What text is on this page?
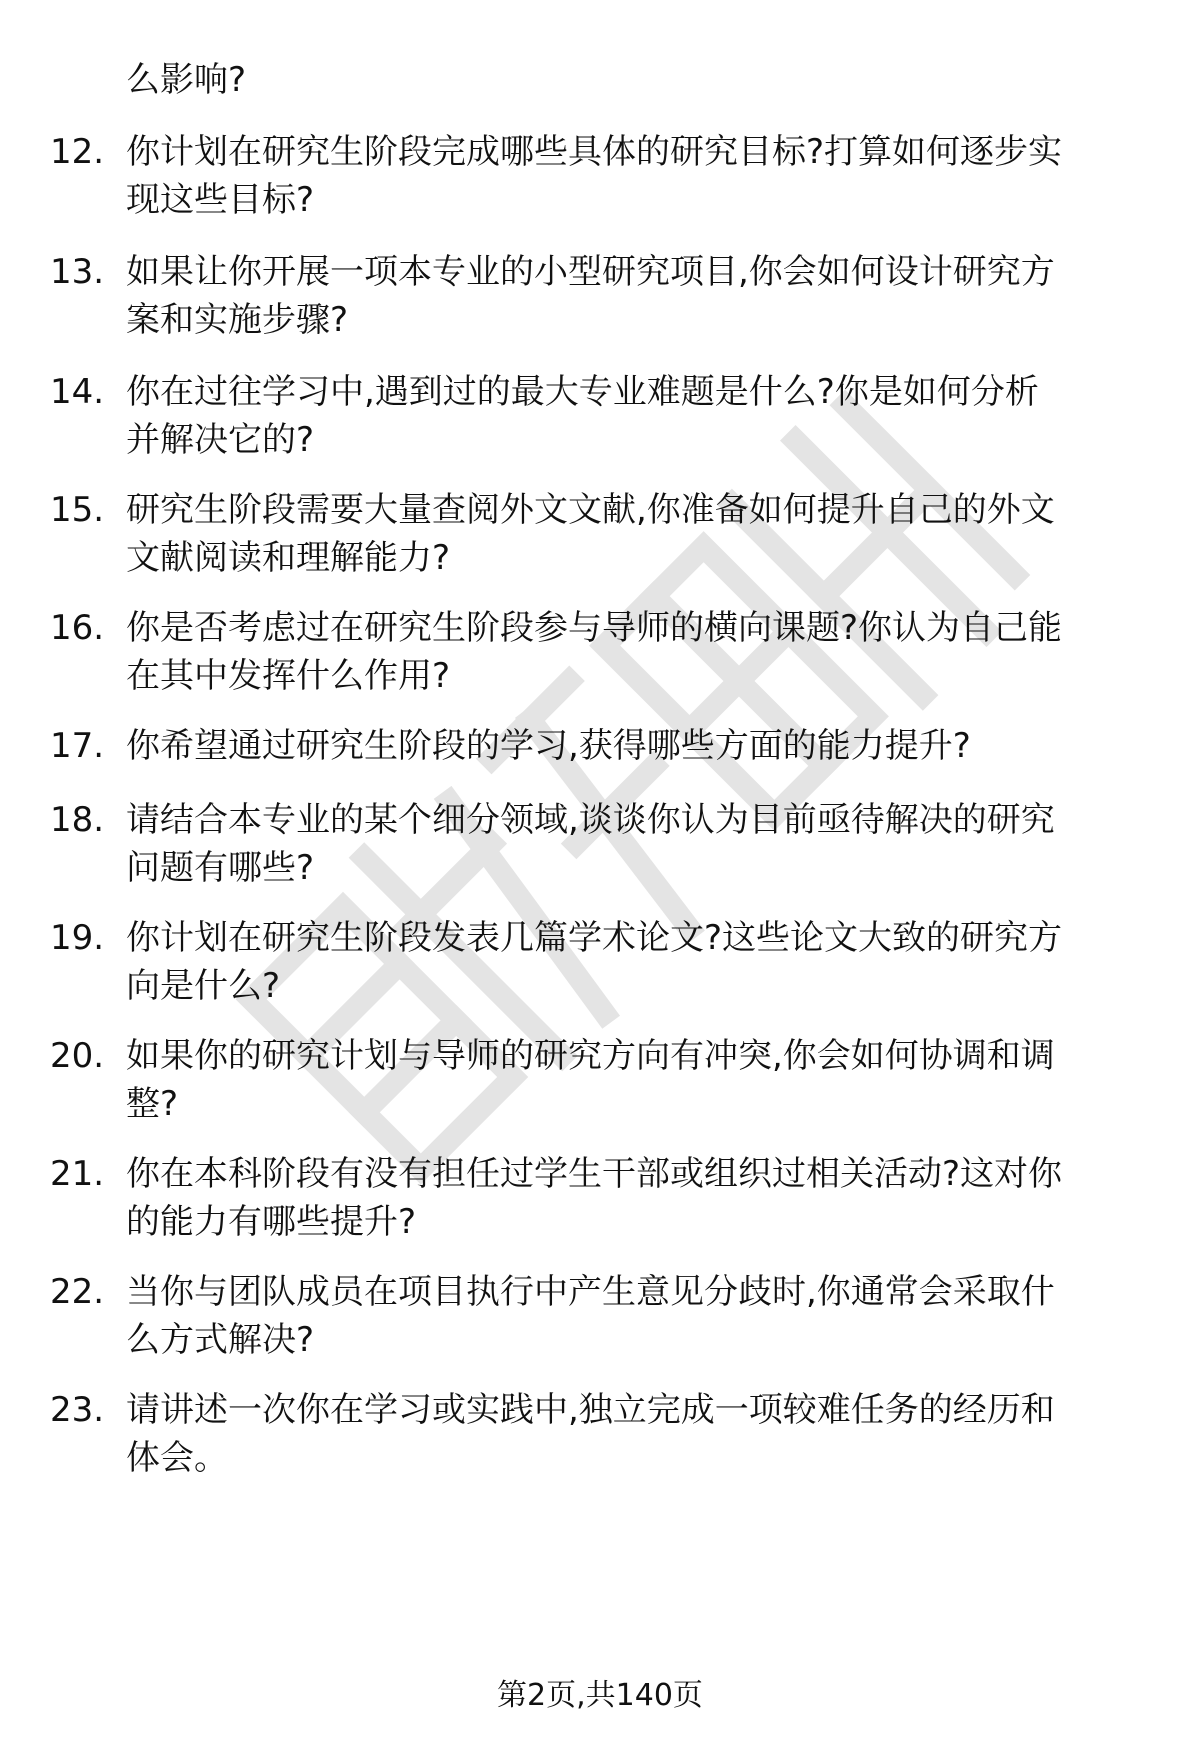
么影响?
12. 你计划在研究生阶段完成哪些具体的研究目标?打算如何逐步实
现这些目标?
13. 如果让你开展一项本专业的小型研究项目,你会如何设计研究方
案和实施步骤?
14. 你在过往学习中,遇到过的最大专业难题是什么?你是如何分析
并解决它的?
15. 研究生阶段需要大量查阅外文文献,你准备如何提升自己的外文
文献阅读和理解能力?
16. 你是否考虑过在研究生阶段参与导师的横向课题?你认为自己能
在其中发挥什么作用?
17. 你希望通过研究生阶段的学习,获得哪些方面的能力提升?
18. 请结合本专业的某个细分领域,谈谈你认为目前亟待解决的研究
问题有哪些?
19. 你计划在研究生阶段发表几篇学术论文?这些论文大致的研究方
向是什么?
20. 如果你的研究计划与导师的研究方向有冲突,你会如何协调和调
整?
21. 你在本科阶段有没有担任过学生干部或组织过相关活动?这对你
的能力有哪些提升?
22. 当你与团队成员在项目执行中产生意见分歧时,你通常会采取什
么方式解决?
23. 请讲述一次你在学习或实践中,独立完成一项较难任务的经历和
体会。
第2页,共140页
